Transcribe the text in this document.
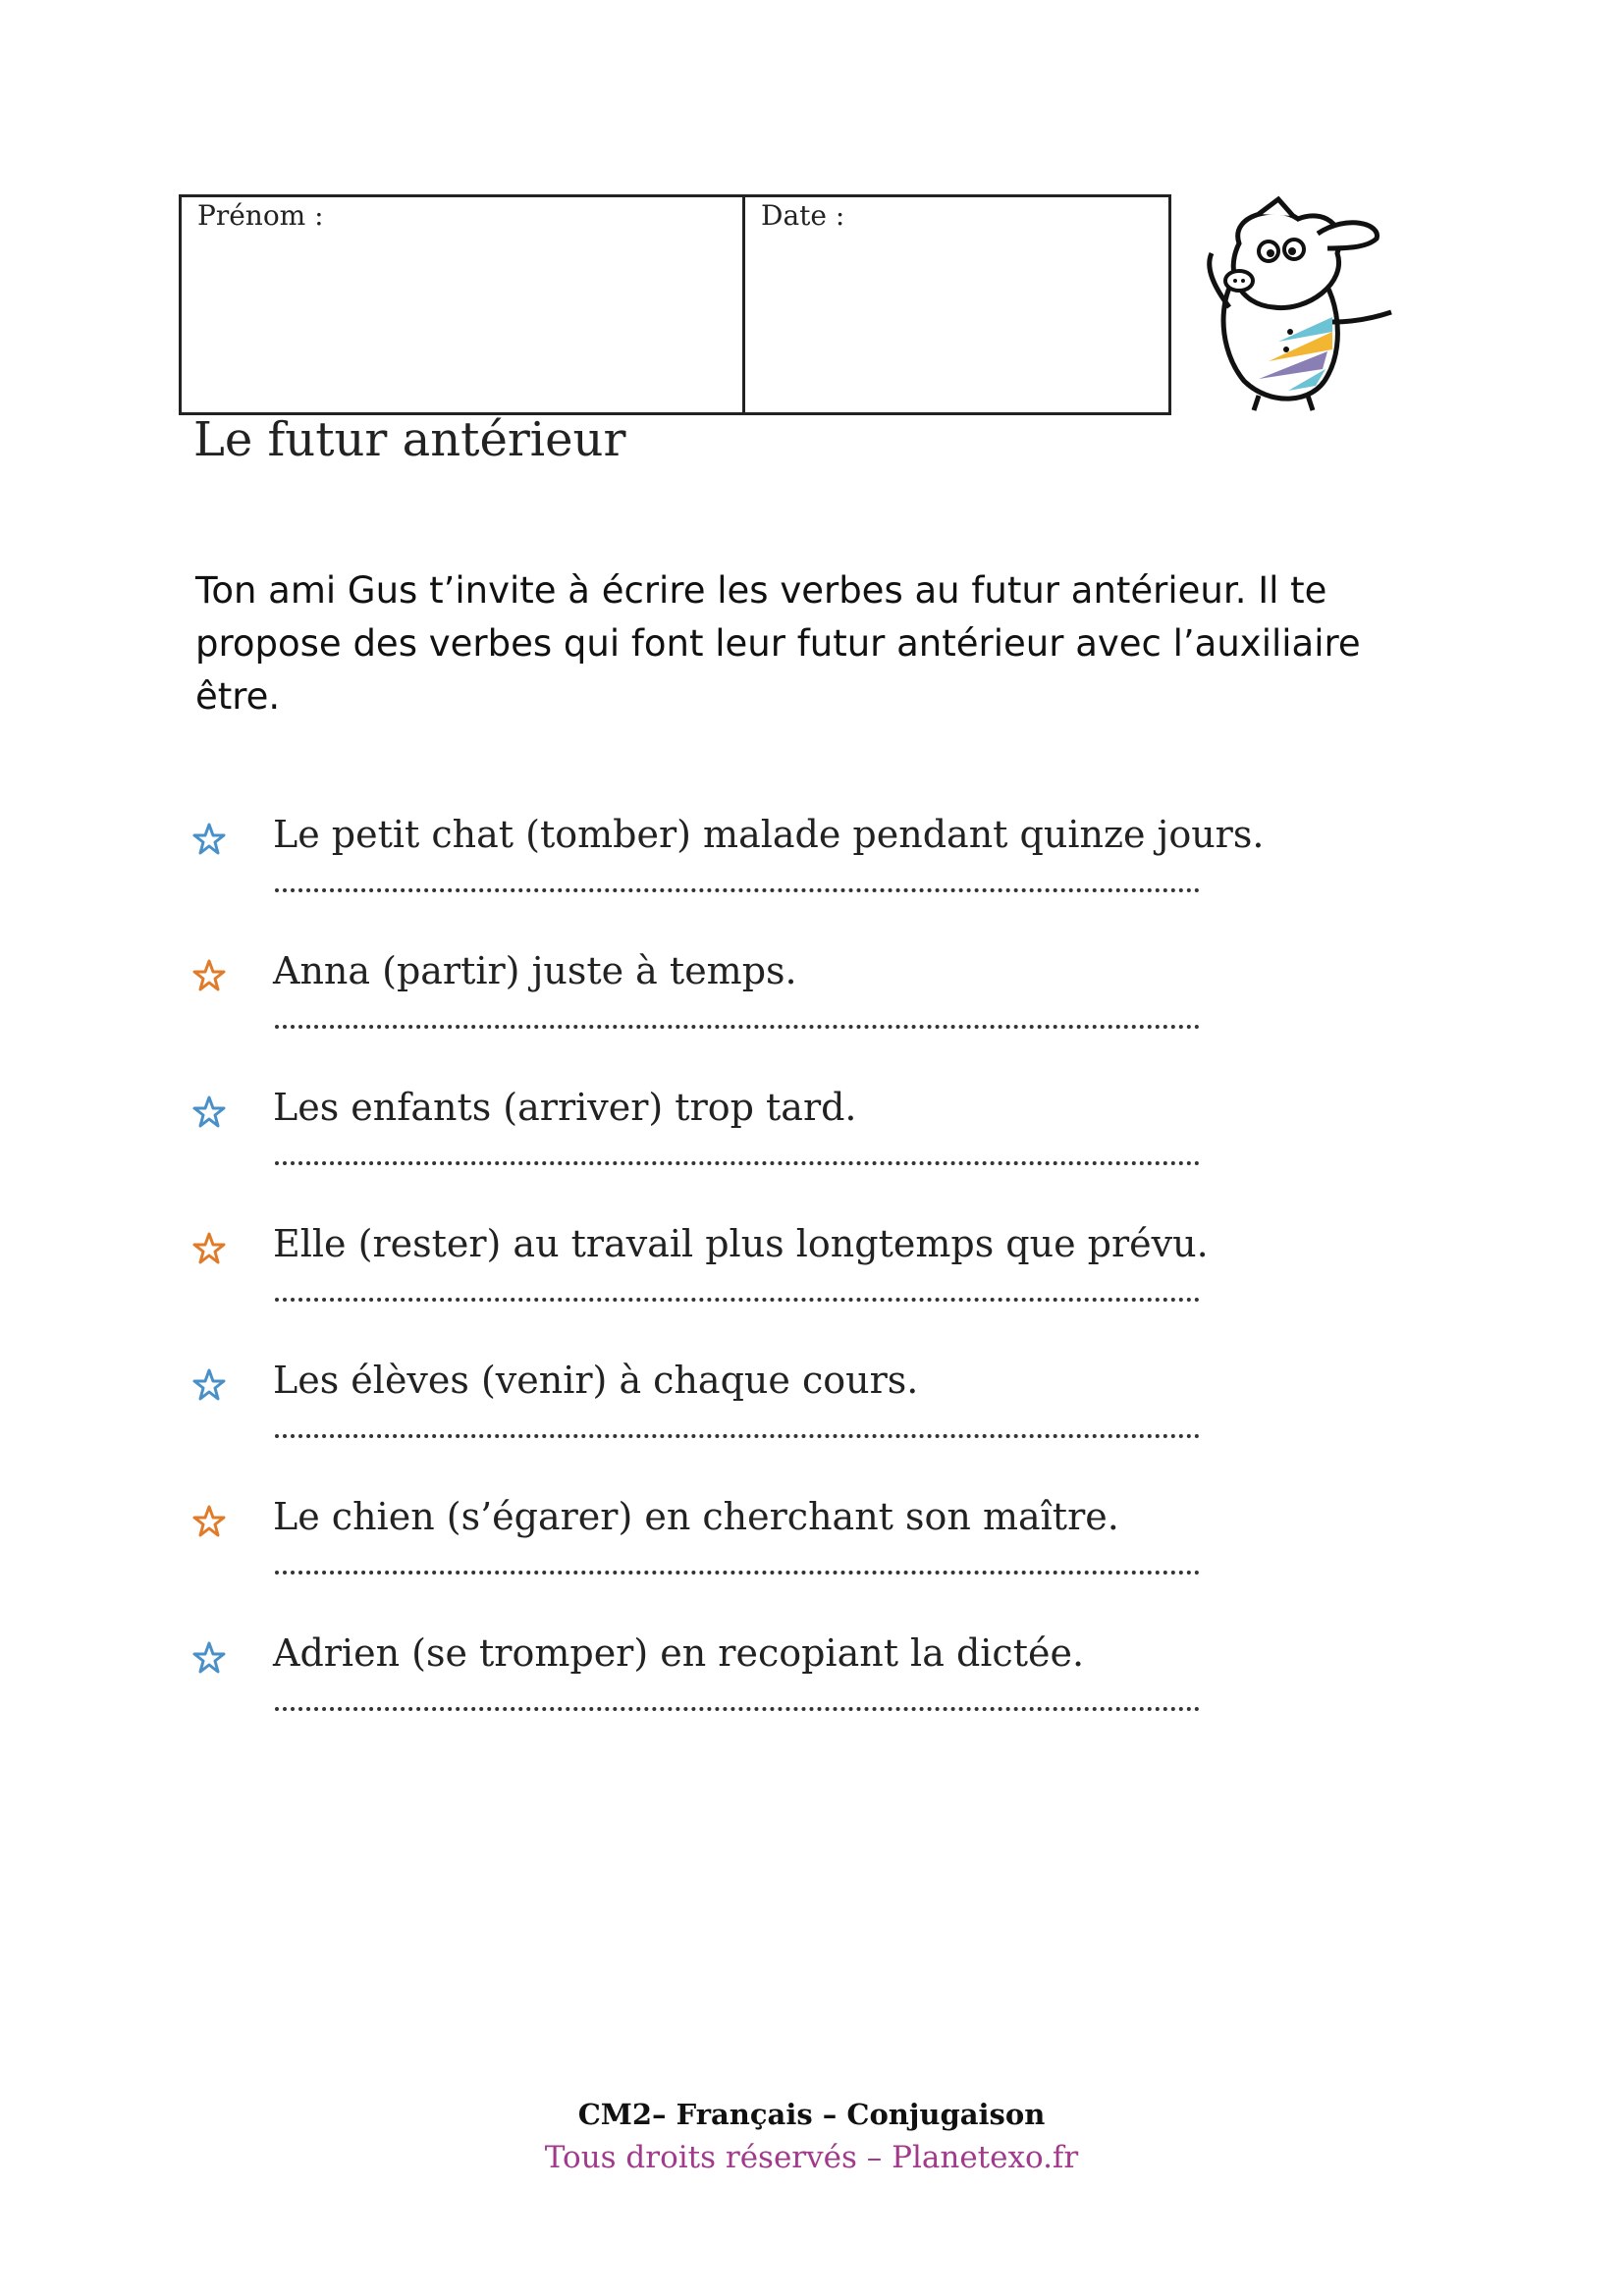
Prénom :	Date :
Le futur antérieur

Ton ami Gus t’invite à écrire les verbes au futur antérieur. Il te propose des verbes qui font leur futur antérieur avec l’auxiliaire être.

Le petit chat (tomber) malade pendant quinze jours.
Anna (partir) juste à temps.
Les enfants (arriver) trop tard.
Elle (rester) au travail plus longtemps que prévu.
Les élèves (venir) à chaque cours.
Le chien (s’égarer) en cherchant son maître.
Adrien (se tromper) en recopiant la dictée.
CM2– Français – Conjugaison
Tous droits réservés – Planetexo.fr
